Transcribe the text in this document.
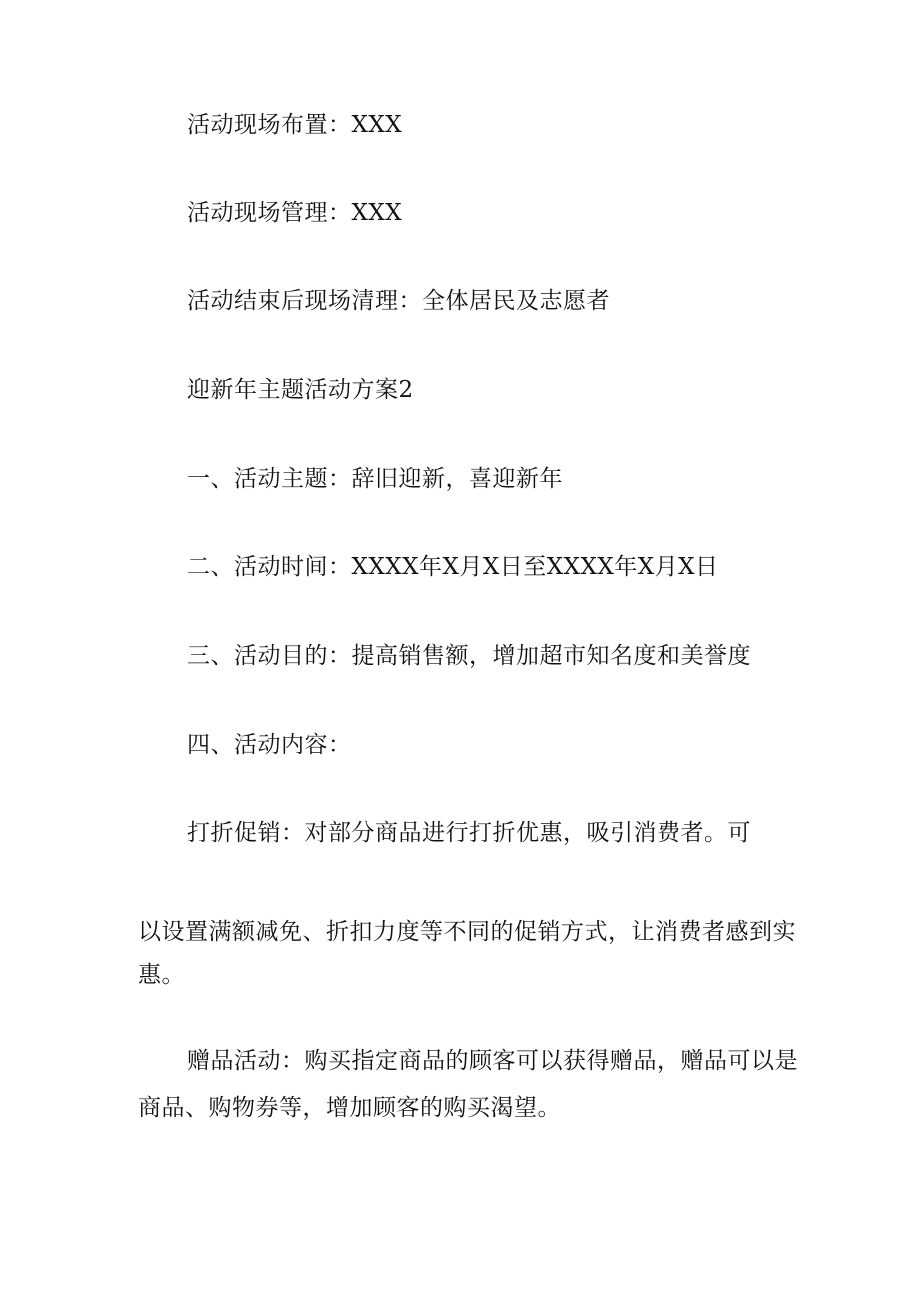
活动现场布置：XXX
活动现场管理：XXX
活动结束后现场清理：全体居民及志愿者
迎新年主题活动方案2
一、活动主题：辞旧迎新，喜迎新年
二、活动时间：XXXX年X月X日至XXXX年X月X日
三、活动目的：提高销售额，增加超市知名度和美誉度
四、活动内容：
打折促销：对部分商品进行打折优惠，吸引消费者。可
以设置满额减免、折扣力度等不同的促销方式，让消费者感到实
惠。
赠品活动：购买指定商品的顾客可以获得赠品，赠品可以是
商品、购物券等，增加顾客的购买渴望。
